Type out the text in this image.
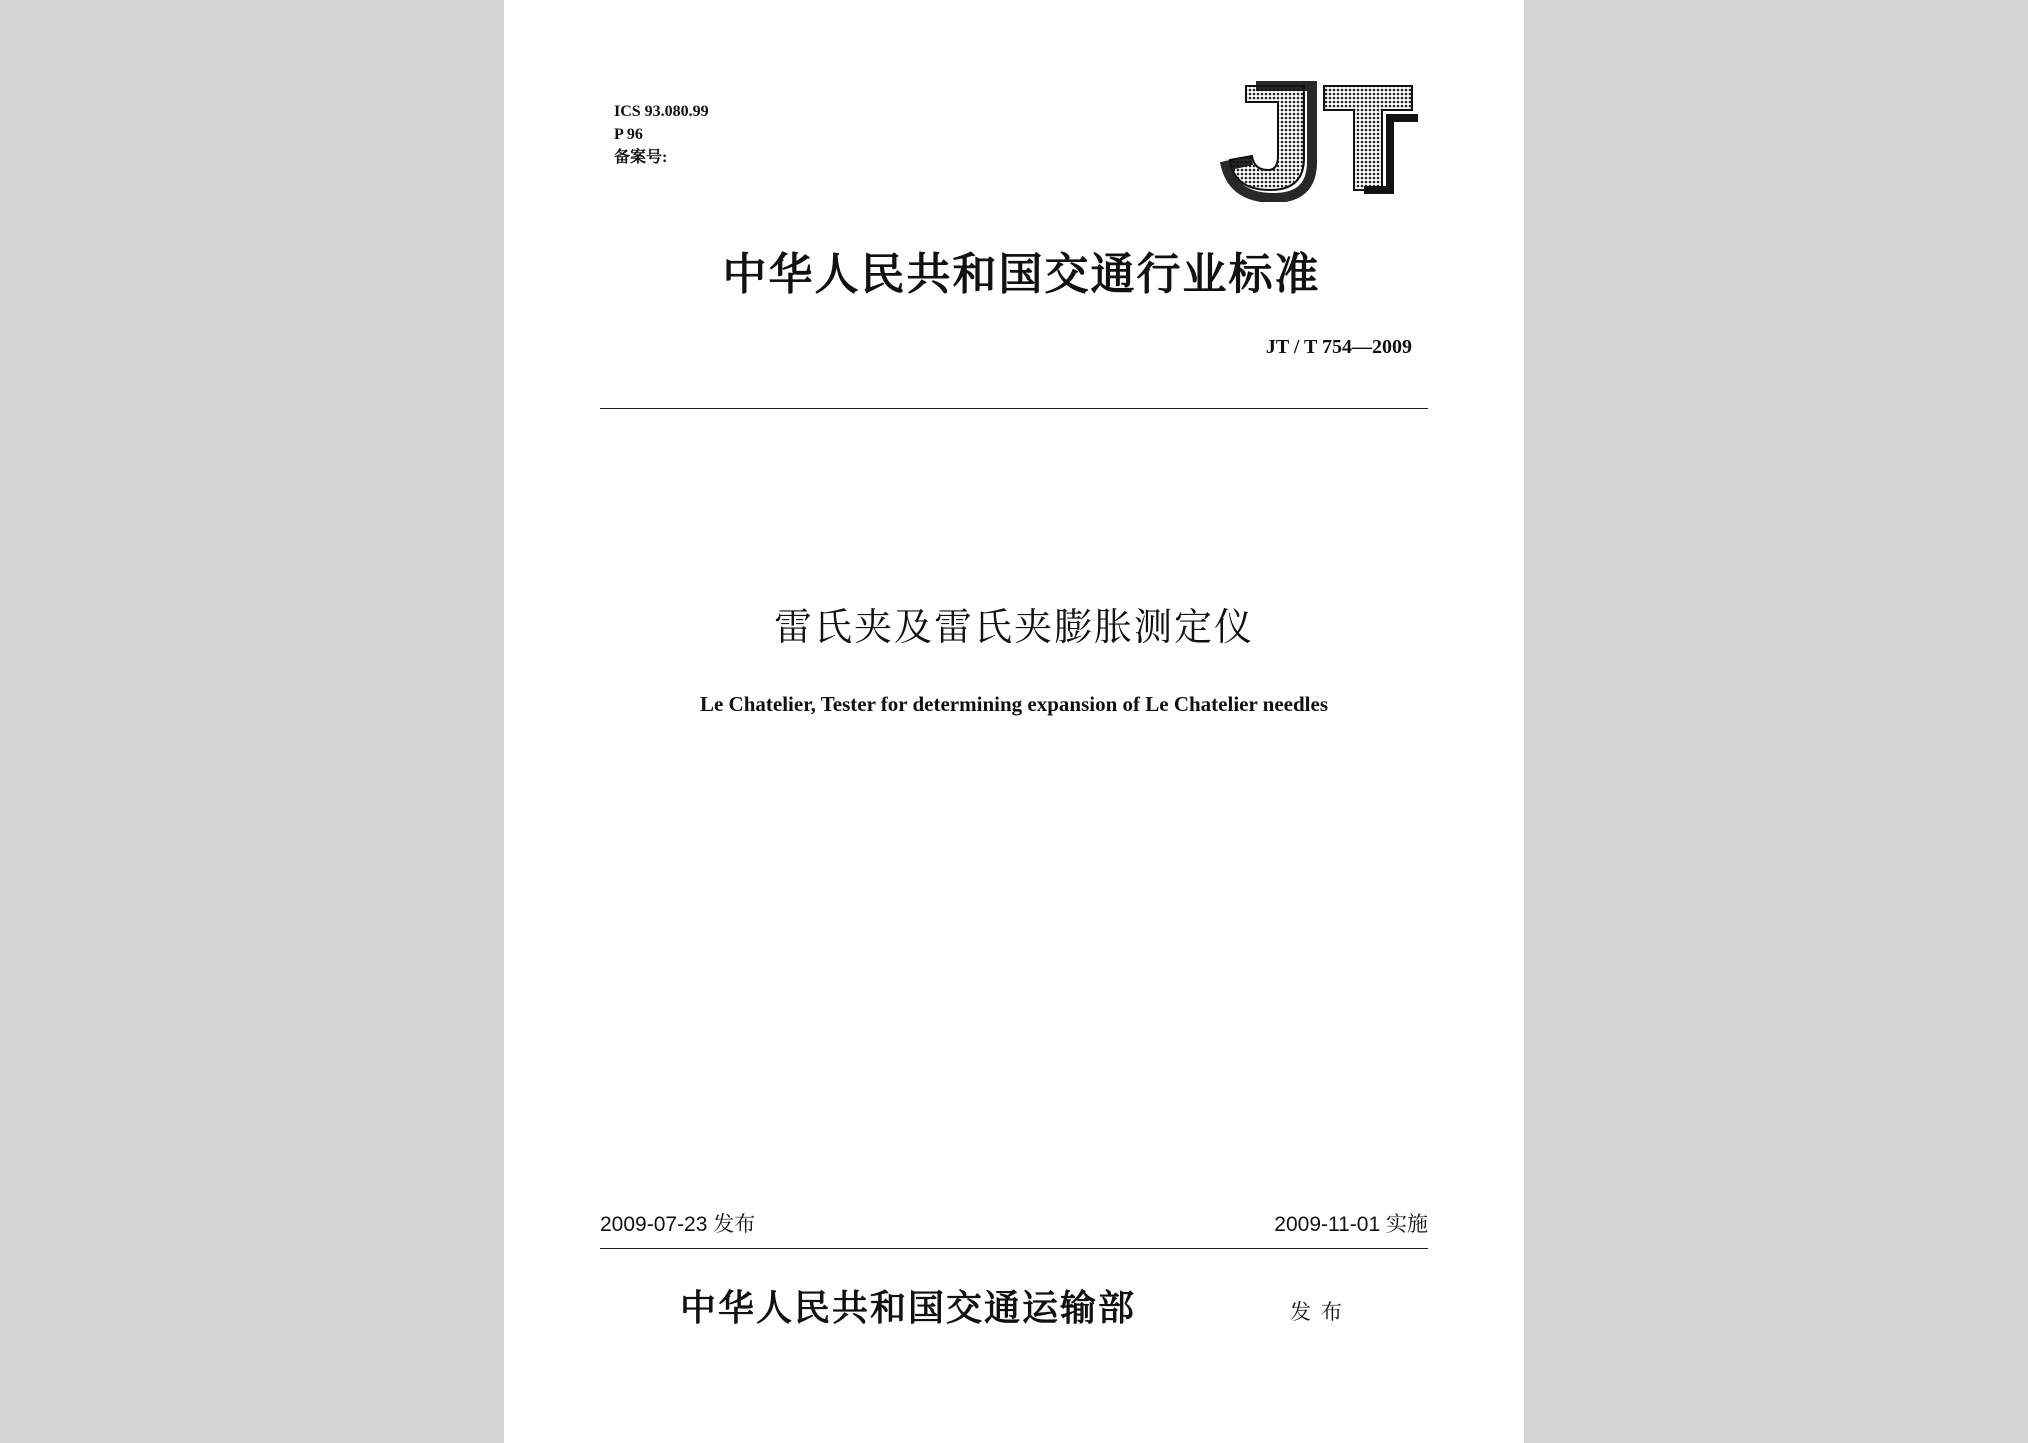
ICS 93.080.99
P 96
备案号:
中华人民共和国交通行业标准
JT / T 754—2009
雷氏夹及雷氏夹膨胀测定仪
Le Chatelier, Tester for determining expansion of Le Chatelier needles
2009-07-23 发布	2009-11-01 实施
中华人民共和国交通运输部	发布
